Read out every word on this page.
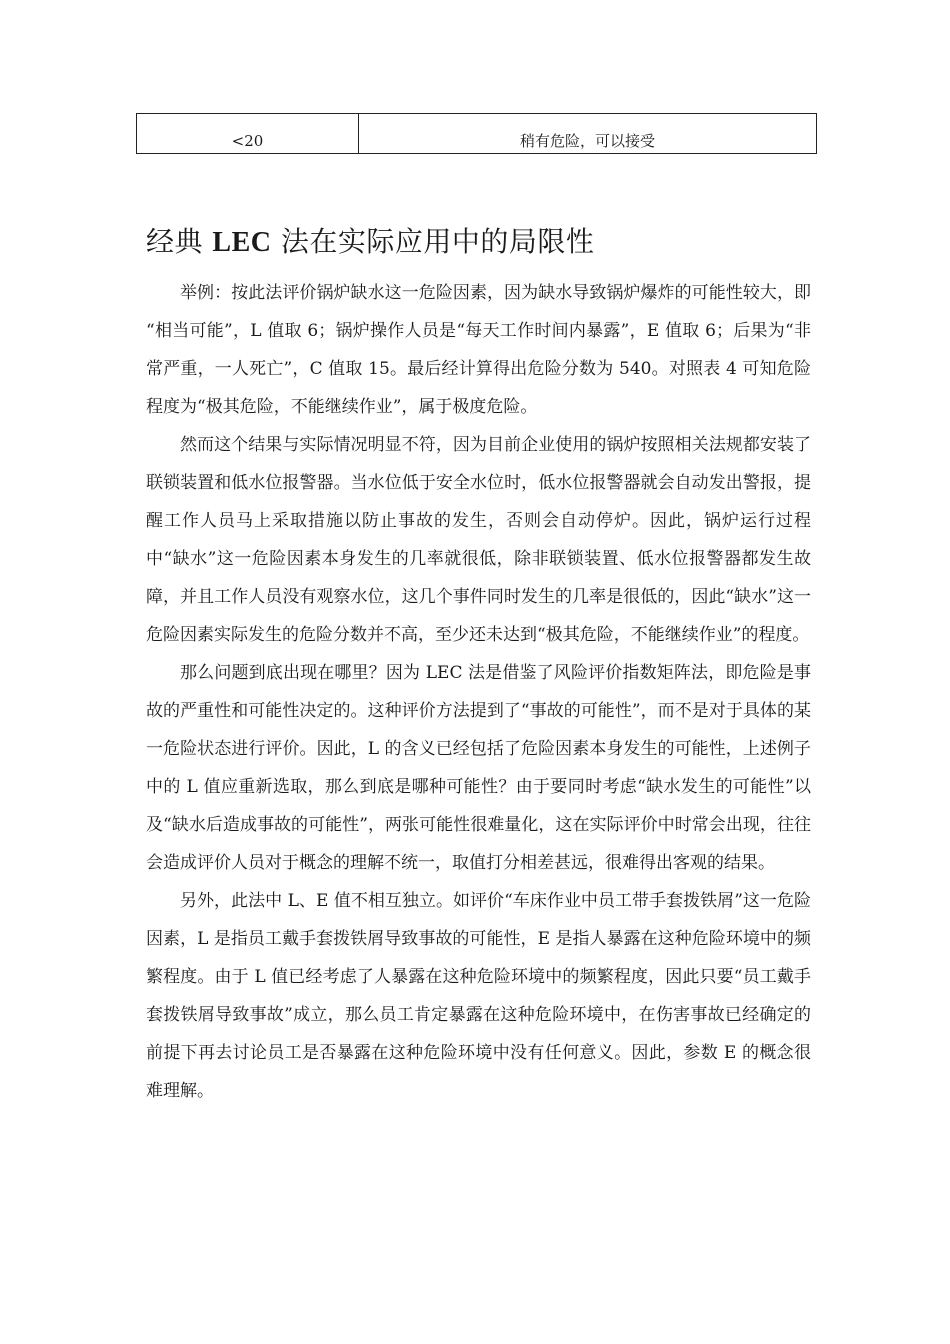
<20	稍有危险，可以接受
经典 LEC 法在实际应用中的局限性

举例：按此法评价锅炉缺水这一危险因素，因为缺水导致锅炉爆炸的可能性较大，即 “相当可能”，L 值取 6；锅炉操作人员是“每天工作时间内暴露”，E 值取 6；后果为“非常严重，一人死亡”，C 值取 15。最后经计算得出危险分数为 540。对照表 4 可知危险程度为“极其危险，不能继续作业”，属于极度危险。

然而这个结果与实际情况明显不符，因为目前企业使用的锅炉按照相关法规都安装了联锁装置和低水位报警器。当水位低于安全水位时，低水位报警器就会自动发出警报，提醒工作人员马上采取措施以防止事故的发生，否则会自动停炉。因此，锅炉运行过程中“缺水”这一危险因素本身发生的几率就很低，除非联锁装置、低水位报警器都发生故障，并且工作人员没有观察水位，这几个事件同时发生的几率是很低的，因此“缺水”这一危险因素实际发生的危险分数并不高，至少还未达到“极其危险，不能继续作业”的程度。

那么问题到底出现在哪里？因为 LEC 法是借鉴了风险评价指数矩阵法，即危险是事故的严重性和可能性决定的。这种评价方法提到了“事故的可能性”，而不是对于具体的某一危险状态进行评价。因此，L 的含义已经包括了危险因素本身发生的可能性，上述例子中的 L 值应重新选取，那么到底是哪种可能性？由于要同时考虑“缺水发生的可能性”以及“缺水后造成事故的可能性”，两张可能性很难量化，这在实际评价中时常会出现，往往会造成评价人员对于概念的理解不统一，取值打分相差甚远，很难得出客观的结果。

另外，此法中 L、E 值不相互独立。如评价“车床作业中员工带手套拨铁屑”这一危险因素，L 是指员工戴手套拨铁屑导致事故的可能性，E 是指人暴露在这种危险环境中的频繁程度。由于 L 值已经考虑了人暴露在这种危险环境中的频繁程度，因此只要“员工戴手套拨铁屑导致事故”成立，那么员工肯定暴露在这种危险环境中，在伤害事故已经确定的前提下再去讨论员工是否暴露在这种危险环境中没有任何意义。因此，参数 E 的概念很难理解。
